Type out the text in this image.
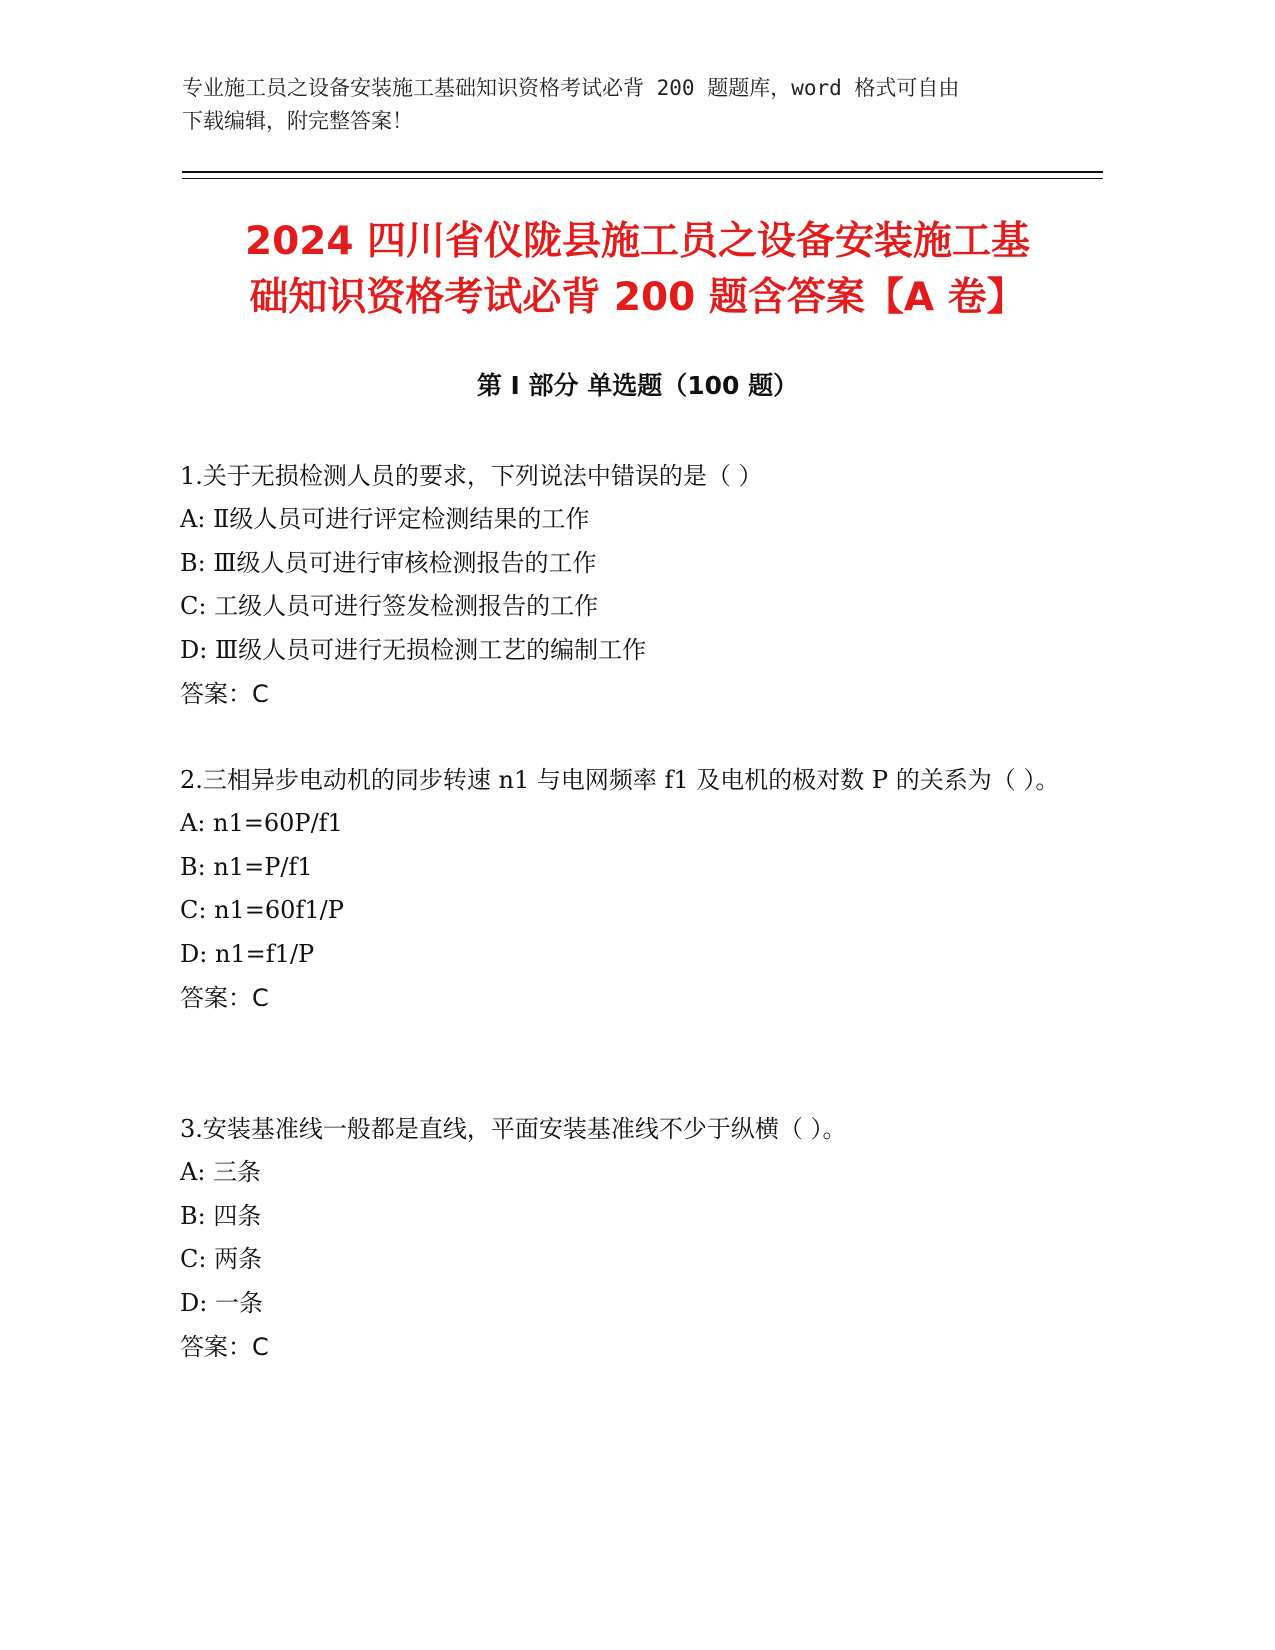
专业施工员之设备安装施工基础知识资格考试必背 200 题题库，word 格式可自由
下载编辑，附完整答案！
2024 四川省仪陇县施工员之设备安装施工基
础知识资格考试必背 200 题含答案【A 卷】
第 I 部分 单选题（100 题）
1.关于无损检测人员的要求，下列说法中错误的是（ ）
A: Ⅱ级人员可进行评定检测结果的工作
B: Ⅲ级人员可进行审核检测报告的工作
C: 工级人员可进行签发检测报告的工作
D: Ⅲ级人员可进行无损检测工艺的编制工作
答案：C
2.三相异步电动机的同步转速 n1 与电网频率 f1 及电机的极对数 P 的关系为（ ）。
A: n1=60P/f1
B: n1=P/f1
C: n1=60f1/P
D: n1=f1/P
答案：C
3.安装基准线一般都是直线，平面安装基准线不少于纵横（ ）。
A: 三条
B: 四条
C: 两条
D: 一条
答案：C
